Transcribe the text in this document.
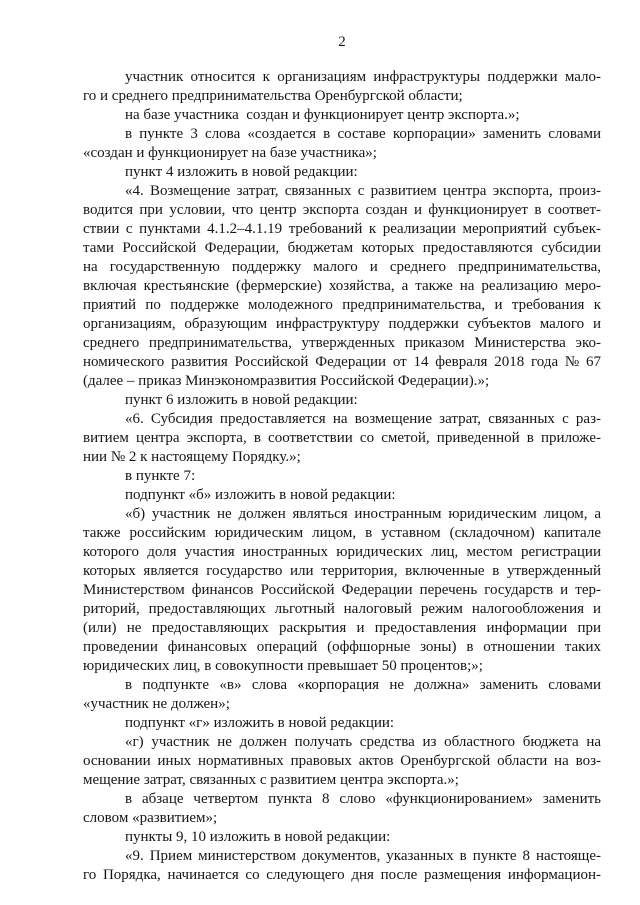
2
участник относится к организациям инфраструктуры поддержки мало-
го и среднего предпринимательства Оренбургской области;
на базе участника  создан и функционирует центр экспорта.»;
в пункте 3 слова «создается в составе корпорации» заменить словами
«создан и функционирует на базе участника»;
пункт 4 изложить в новой редакции:
«4. Возмещение затрат, связанных с развитием центра экспорта, произ-
водится при условии, что центр экспорта создан и функционирует в соответ-
ствии с пунктами 4.1.2–4.1.19 требований к реализации мероприятий субъек-
тами Российской Федерации, бюджетам которых предоставляются субсидии
на государственную поддержку малого и среднего предпринимательства,
включая крестьянские (фермерские) хозяйства, а также на реализацию меро-
приятий по поддержке молодежного предпринимательства, и требования к
организациям, образующим инфраструктуру поддержки субъектов малого и
среднего предпринимательства, утвержденных приказом Министерства эко-
номического развития Российской Федерации от 14 февраля 2018 года № 67
(далее – приказ Минэкономразвития Российской Федерации).»;
пункт 6 изложить в новой редакции:
«6. Субсидия предоставляется на возмещение затрат, связанных с раз-
витием центра экспорта, в соответствии со сметой, приведенной в приложе-
нии № 2 к настоящему Порядку.»;
в пункте 7:
подпункт «б» изложить в новой редакции:
«б) участник не должен являться иностранным юридическим лицом, а
также российским юридическим лицом, в уставном (складочном) капитале
которого доля участия иностранных юридических лиц, местом регистрации
которых является государство или территория, включенные в утвержденный
Министерством финансов Российской Федерации перечень государств и тер-
риторий, предоставляющих льготный налоговый режим налогообложения и
(или) не предоставляющих раскрытия и предоставления информации при
проведении финансовых операций (оффшорные зоны) в отношении таких
юридических лиц, в совокупности превышает 50 процентов;»;
в подпункте «в» слова «корпорация не должна» заменить словами
«участник не должен»;
подпункт «г» изложить в новой редакции:
«г) участник не должен получать средства из областного бюджета на
основании иных нормативных правовых актов Оренбургской области на воз-
мещение затрат, связанных с развитием центра экспорта.»;
в абзаце четвертом пункта 8 слово «функционированием» заменить
словом «развитием»;
пункты 9, 10 изложить в новой редакции:
«9. Прием министерством документов, указанных в пункте 8 настояще-
го Порядка, начинается со следующего дня после размещения информацион-
